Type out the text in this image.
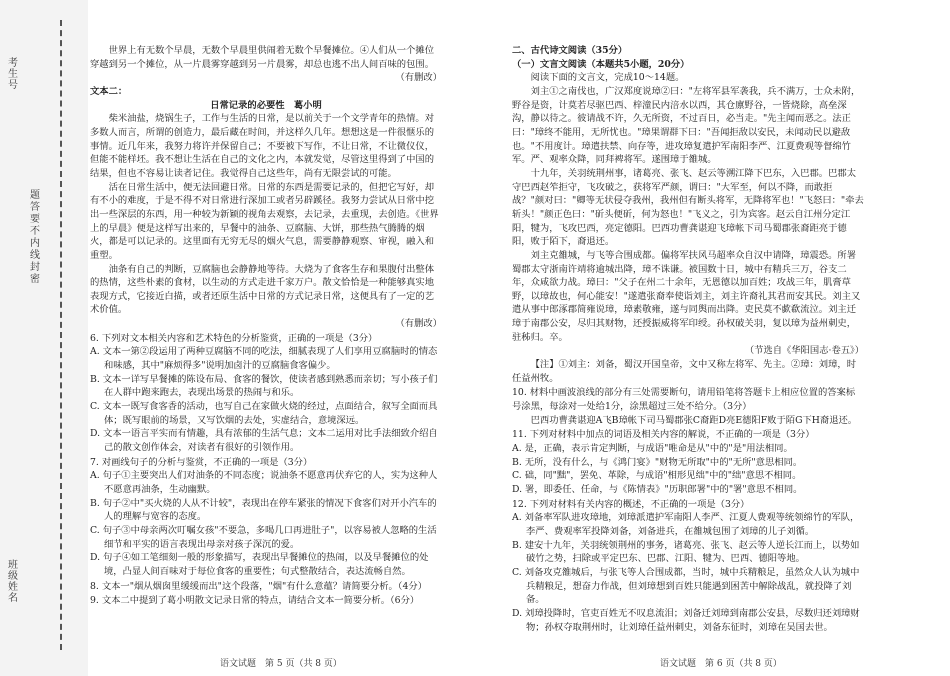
考生号
题 答 要 不 内 线 封 密
班级姓名

世界上有无数个早晨，无数个早晨里供闹着无数个早餐摊位。④人们从一个摊位穿越到另一个摊位，从一片晨雾穿越到另一片晨雾，却总也逃不出人间百味的包围。

（有删改）

文本二：

日常记录的必要性　葛小明

柴米油盐，烧锅生子，工作与生活的日常，是以前关于一个文学青年的热情。对多数人而言，所谓的创造力，最后藏在时间，并这样久几年。想想这是一件很惬乐的事情。近几年来，我努力将许并保留自己；不要被下写作，不让日常，不让微仪仪，但能不能样坯。我不想让生活在自己的文化之内，本就发觉，尽管这里得到了中国的结果，但也不容易让读者记住。我觉得自己这些年，尚有无限尝试的可能。

活在日常生活中，便无法回避日常。日常的东西是需要记录的，但把它写好，却有不小的难度，于是不得不对日常进行深加工或者另辟蹊径。我努力尝试从日常中挖出一些深层的东西，用一种较为新颖的视角去观察，去记录，去重现，去创造。《世界上的早晨》便是这样写出来的，早餐中的油条、豆腐脑、大饼，那些热气腾腾的烟火，都是可以记录的。这里面有无穷无尽的烟火气息，需要静静观察、审视，融入和重塑。

油条有自己的判断，豆腐脑也会静静地等待。大烧为了食客生存和果腹付出整体的热情，这些朴素的食材，以生动的方式走进千家万户。散文恰恰是一种能够真实地表现方式，它接近白描，或者还原生活中日常的方式记录日常，这便具有了一定的艺术价值。

（有删改）

6. 下列对文本相关内容和艺术特色的分析鉴赏，正确的一项是（3分）

A. 文本一第②段运用了两种豆腐脑不同的吃法，细腻表现了人们享用豆腐脑时的情态和味感，其中"麻烦得多"说明加卤汁的豆腐脑食客偏少。

B. 文本一详写早餐摊的陈设布局、食客的餐饮，使读者感到熟悉而亲切；写小孩子们在人群中跑来跑去，表现出场景的热闹与和乐。

C. 文本一既写食客香的活动，也写自己在家做火烧的经过，点面结合，叙写全面而具体；既写眼前的场景，又写饮烟的去处，实虚结合，意境深远。

D. 文本一语言平实而有情趣，具有浓郁的生活气息；文本二运用对比手法细致介绍自己的散文创作体会，对读者有很好的引领作用。

7. 对画线句子的分析与鉴赏，不正确的一项是（3分）

A. 句子①主要突出人们对油条的不同态度；说油条不愿意再伏弃它的人，实为这种人不愿意再油条，生动幽默。

B. 句子②中"买火烧的人从不计较"，表现出在停车紧张的情况下食客们对开小汽车的人的理解与宽容的态度。

C. 句子③中母亲两次叮嘱女孩"不要急，多喝几口再进肚子"，以容易被人忽略的生活细节和平实的语言表现出母亲对孩子深沉的爱。

D. 句子④如工笔细刻一般的形象描写，表现出早餐摊位的热闹，以及早餐摊位的处境，凸显人间百味对于每位食客的重要性；句式整散结合，表达流畅自然。

8. 文本一"烟从烟囱里缓缓而出"这个段落，"烟"有什么意蕴？请简要分析。（4分）

9. 文本二中提到了葛小明散文记录日常的特点，请结合文本一简要分析。（6分）

二、古代诗文阅读（35分）

（一）文言文阅读（本题共5小题，20分）

阅读下面的文言文，完成10～14题。

刘主①之南伐也，广汉郑度说璋②曰："左将军县军袭我，兵不满万，士众未附，野谷是资，计莫若尽驱巴西、梓潼民内涪水以西，其仓廪野谷，一皆烧除，高垒深沟，静以待之。彼请战不许，久无所资，不过百日，必当走。"先主闻而恶之。法正曰："璋终不能用，无所忧也。"璋果谓群下曰："吾闻拒敌以安民，未闻动民以避敌也。"不用度计。璋遣扶禁、向存等，进攻璋复遣护军南阳李严、江夏费观等督绵竹军。严、观率众降，同拜裨将军。遂围璋于雒城。

十九年，关羽统荆州事，诸葛亮、张飞、赵云等溯江降下巴东，入巴郡。巴郡太守巴西赵笮拒守，飞攻破之，获将军严颜，谓曰："大军至，何以不降，而敢拒战？"颜对曰："卿等无状侵夺我州，我州但有断头将军，无降将军也！"飞怒曰："牵去斩头！"颜正色曰："斫头便斫，何为怒也！"飞义之，引为宾客。赵云自江州分定江阳，犍为，飞攻巴西，亮定德阳。巴西功曹龚谌迎飞璋帐下司马蜀郡张裔距亮于德阳，败于陌下，裔退还。

刘主克雒城，与飞等合围成都。偏将军扶风马超率众自汉中请降，璋震恐。所署蜀郡太守浙南许靖将逾城出降，璋不诛谦。被国数十日，城中有精兵三万，谷支二年，众咸欲力战。璋曰："父子在州二十余年，无恩德以加百姓；攻战三年，肌膏草野，以璋故也，何心能安！"遂遣张裔奉使诣刘主，刘主许裔礼其君而安其民。刘主又遣从事中郎涿郡简雍说璋，璋素敬雍，遂与同舆而出降。吏民莫不歔欷流泣。刘主迁璋于南郡公安，尽归其财物，还授振威将军印绶。孙权破关羽，复以璋为益州刺史，驻秭归。卒。

（节选自《华阳国志·卷五》）

【注】①刘主：刘备，蜀汉开国皇帝，文中又称左将军、先主。②璋：刘璋，时任益州牧。

10. 材料中画波浪线的部分有三处需要断句，请用铅笔将答题卡上相应位置的答案标号涂黑，每涂对一处给1分，涂黑超过三处不给分。（3分）

巴西功曹龚谌迎A飞B璋帐下司马蜀郡张C裔距D亮E德阳F败于陌G下H裔退还。

11. 下列对材料中加点的词语及相关内容的解说，不正确的一项是（3分）

A. 是，正确，表示肯定判断，与成语"唯命是从"中的"是"用法相同。

B. 无所，没有什么，与《鸿门宴》"财物无所取"中的"无所"意思相同。

C. 础，同"黜"，罢免、革除，与成语"相形见绌"中的"绌"意思不相同。

D. 署，即委任、任命，与《陈情表》"历职郎署"中的"署"意思不相同。

12. 下列对材料有关内容的概述，不正确的一项是（3分）

A. 刘备率军队进攻璋地，刘璋派遣护军南阳人李严、江夏人费观等统领绵竹的军队，李严、费观率军投降刘备，刘备进兵，在雒城包围了刘璋的儿子刘循。

B. 建安十九年，关羽统领荆州的事务，诸葛亮、张飞、赵云等人逆长江而上，以势如破竹之势，扫除或平定巴东、巴郡、江阳、犍为、巴西、德阳等地。

C. 刘备攻克雒城后，与张飞等人合围成都，当时，城中兵精粮足，虽然众人认为城中兵精粮足，想奋力作战，但刘璋想到百姓只能遇到困苦中解除战乱，就投降了刘备。

D. 刘璋投降时，官吏百姓无不叹息流泪；刘备迁刘璋到南郡公安县，尽数归还刘璋财物；孙权夺取荆州时，让刘璋任益州刺史，刘备东征时，刘璋在吴国去世。

语文试题　第 5 页（共 8 页）	语文试题　第 6 页（共 8 页）
